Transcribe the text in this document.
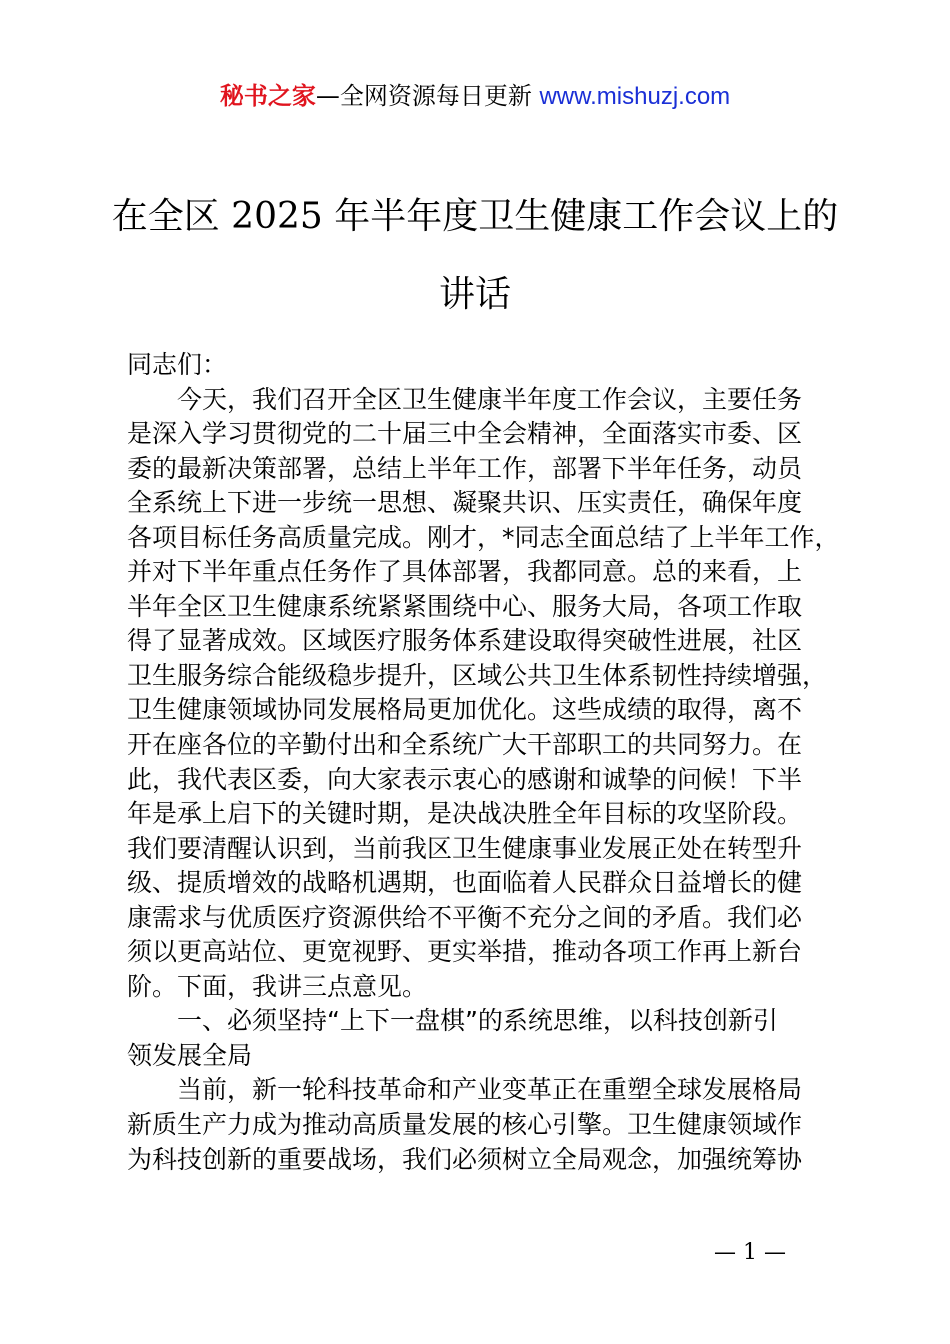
秘书之家—全网资源每日更新 www.mishuzj.com
在全区 2025 年半年度卫生健康工作会议上的
讲话
同志们：
今天，我们召开全区卫生健康半年度工作会议，主要任务
是深入学习贯彻党的二十届三中全会精神，全面落实市委、区
委的最新决策部署，总结上半年工作，部署下半年任务，动员
全系统上下进一步统一思想、凝聚共识、压实责任，确保年度
各项目标任务高质量完成。刚才，*同志全面总结了上半年工作，
并对下半年重点任务作了具体部署，我都同意。总的来看，上
半年全区卫生健康系统紧紧围绕中心、服务大局，各项工作取
得了显著成效。区域医疗服务体系建设取得突破性进展，社区
卫生服务综合能级稳步提升，区域公共卫生体系韧性持续增强，
卫生健康领域协同发展格局更加优化。这些成绩的取得，离不
开在座各位的辛勤付出和全系统广大干部职工的共同努力。在
此，我代表区委，向大家表示衷心的感谢和诚挚的问候！下半
年是承上启下的关键时期，是决战决胜全年目标的攻坚阶段。
我们要清醒认识到，当前我区卫生健康事业发展正处在转型升
级、提质增效的战略机遇期，也面临着人民群众日益增长的健
康需求与优质医疗资源供给不平衡不充分之间的矛盾。我们必
须以更高站位、更宽视野、更实举措，推动各项工作再上新台
阶。下面，我讲三点意见。
一、必须坚持“上下一盘棋”的系统思维，以科技创新引
领发展全局
当前，新一轮科技革命和产业变革正在重塑全球发展格局
新质生产力成为推动高质量发展的核心引擎。卫生健康领域作
为科技创新的重要战场，我们必须树立全局观念，加强统筹协
— 1 —
